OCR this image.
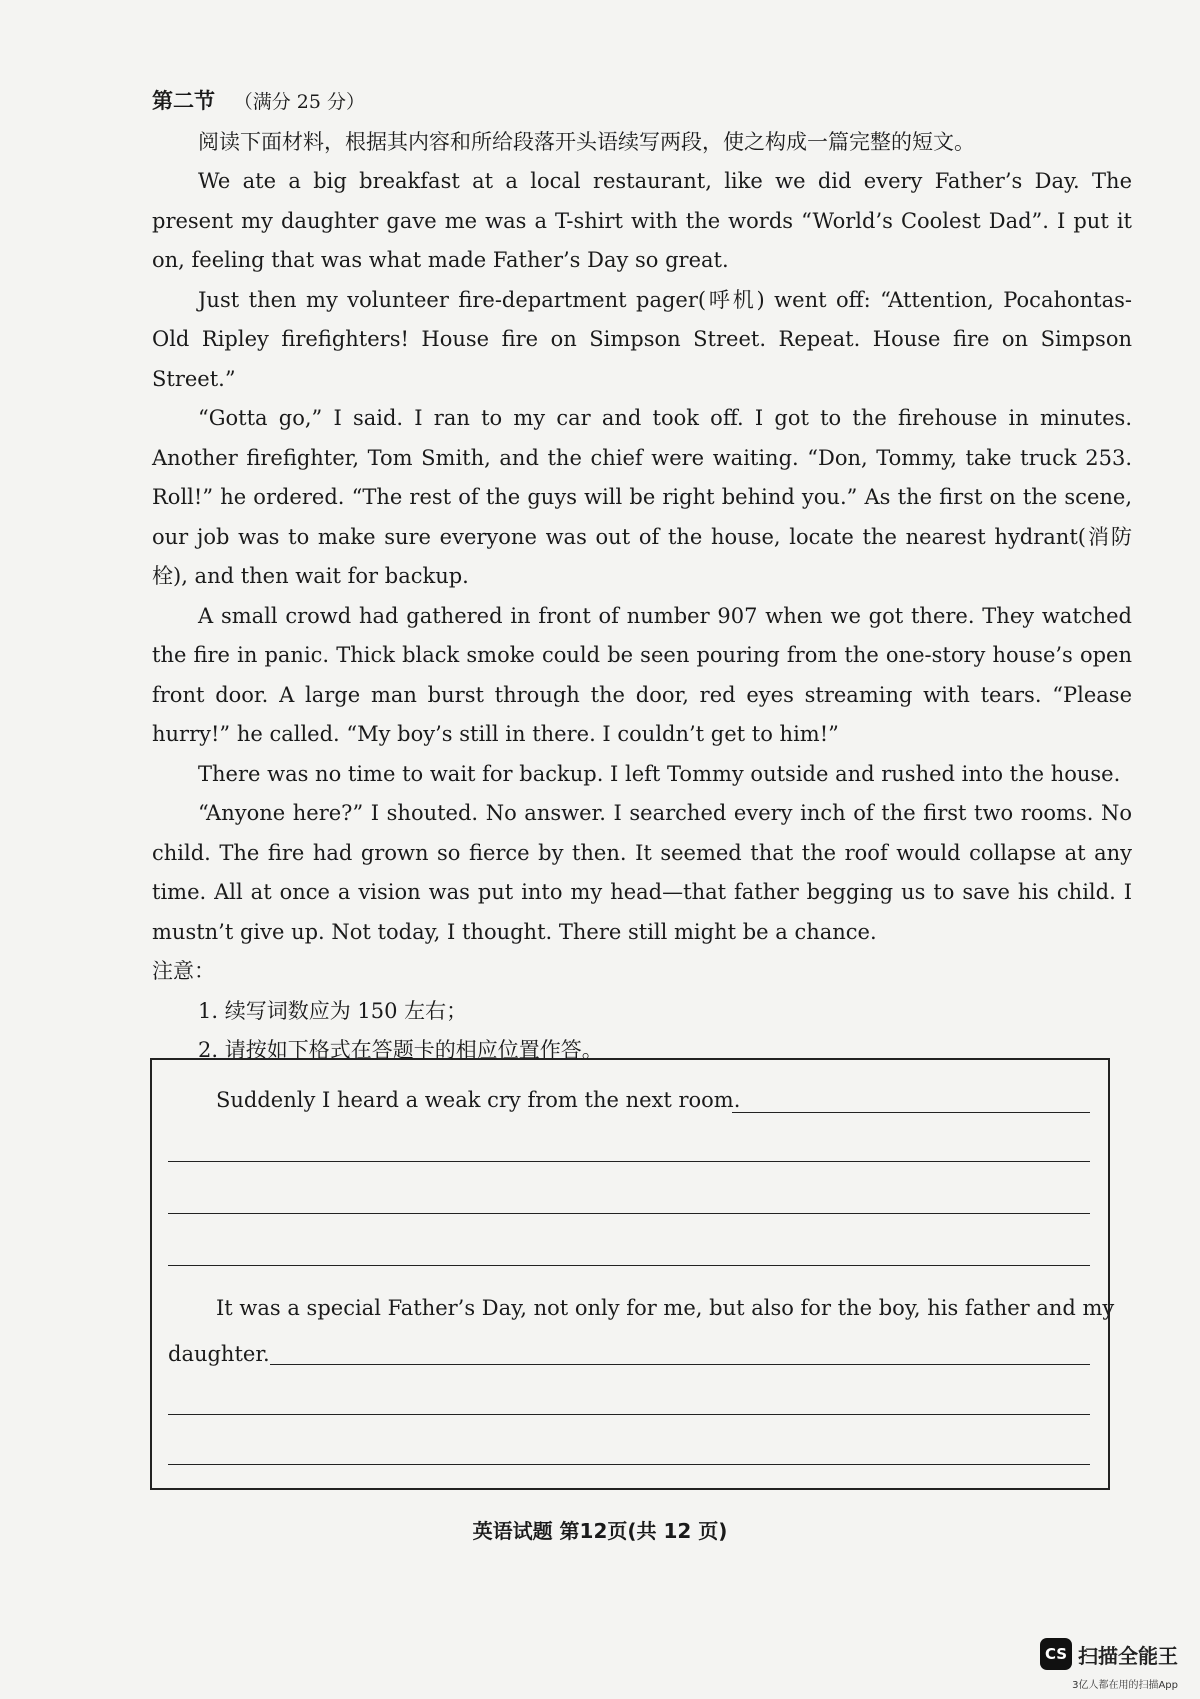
第二节 （满分 25 分）

阅读下面材料，根据其内容和所给段落开头语续写两段，使之构成一篇完整的短文。

We ate a big breakfast at a local restaurant, like we did every Father’s Day. The present my daughter gave me was a T-shirt with the words “World’s Coolest Dad”. I put it on, feeling that was what made Father’s Day so great.

Just then my volunteer fire-department pager(呼机) went off: “Attention, Pocahontas-Old Ripley firefighters! House fire on Simpson Street. Repeat. House fire on Simpson Street.”

“Gotta go,” I said. I ran to my car and took off. I got to the firehouse in minutes. Another firefighter, Tom Smith, and the chief were waiting. “Don, Tommy, take truck 253. Roll!” he ordered. “The rest of the guys will be right behind you.” As the first on the scene, our job was to make sure everyone was out of the house, locate the nearest hydrant(消防栓), and then wait for backup.

A small crowd had gathered in front of number 907 when we got there. They watched the fire in panic. Thick black smoke could be seen pouring from the one-story house’s open front door. A large man burst through the door, red eyes streaming with tears. “Please hurry!” he called. “My boy’s still in there. I couldn’t get to him!”

There was no time to wait for backup. I left Tommy outside and rushed into the house.

“Anyone here?” I shouted. No answer. I searched every inch of the first two rooms. No child. The fire had grown so fierce by then. It seemed that the roof would collapse at any time. All at once a vision was put into my head—that father begging us to save his child. I mustn’t give up. Not today, I thought. There still might be a chance.

注意：

1. 续写词数应为 150 左右；

2. 请按如下格式在答题卡的相应位置作答。

Suddenly I heard a weak cry from the next room.
It was a special Father’s Day, not only for me, but also for the boy, his father and my
daughter.
英语试题 第12页(共 12 页)
CS 扫描全能王
3亿人都在用的扫描App
